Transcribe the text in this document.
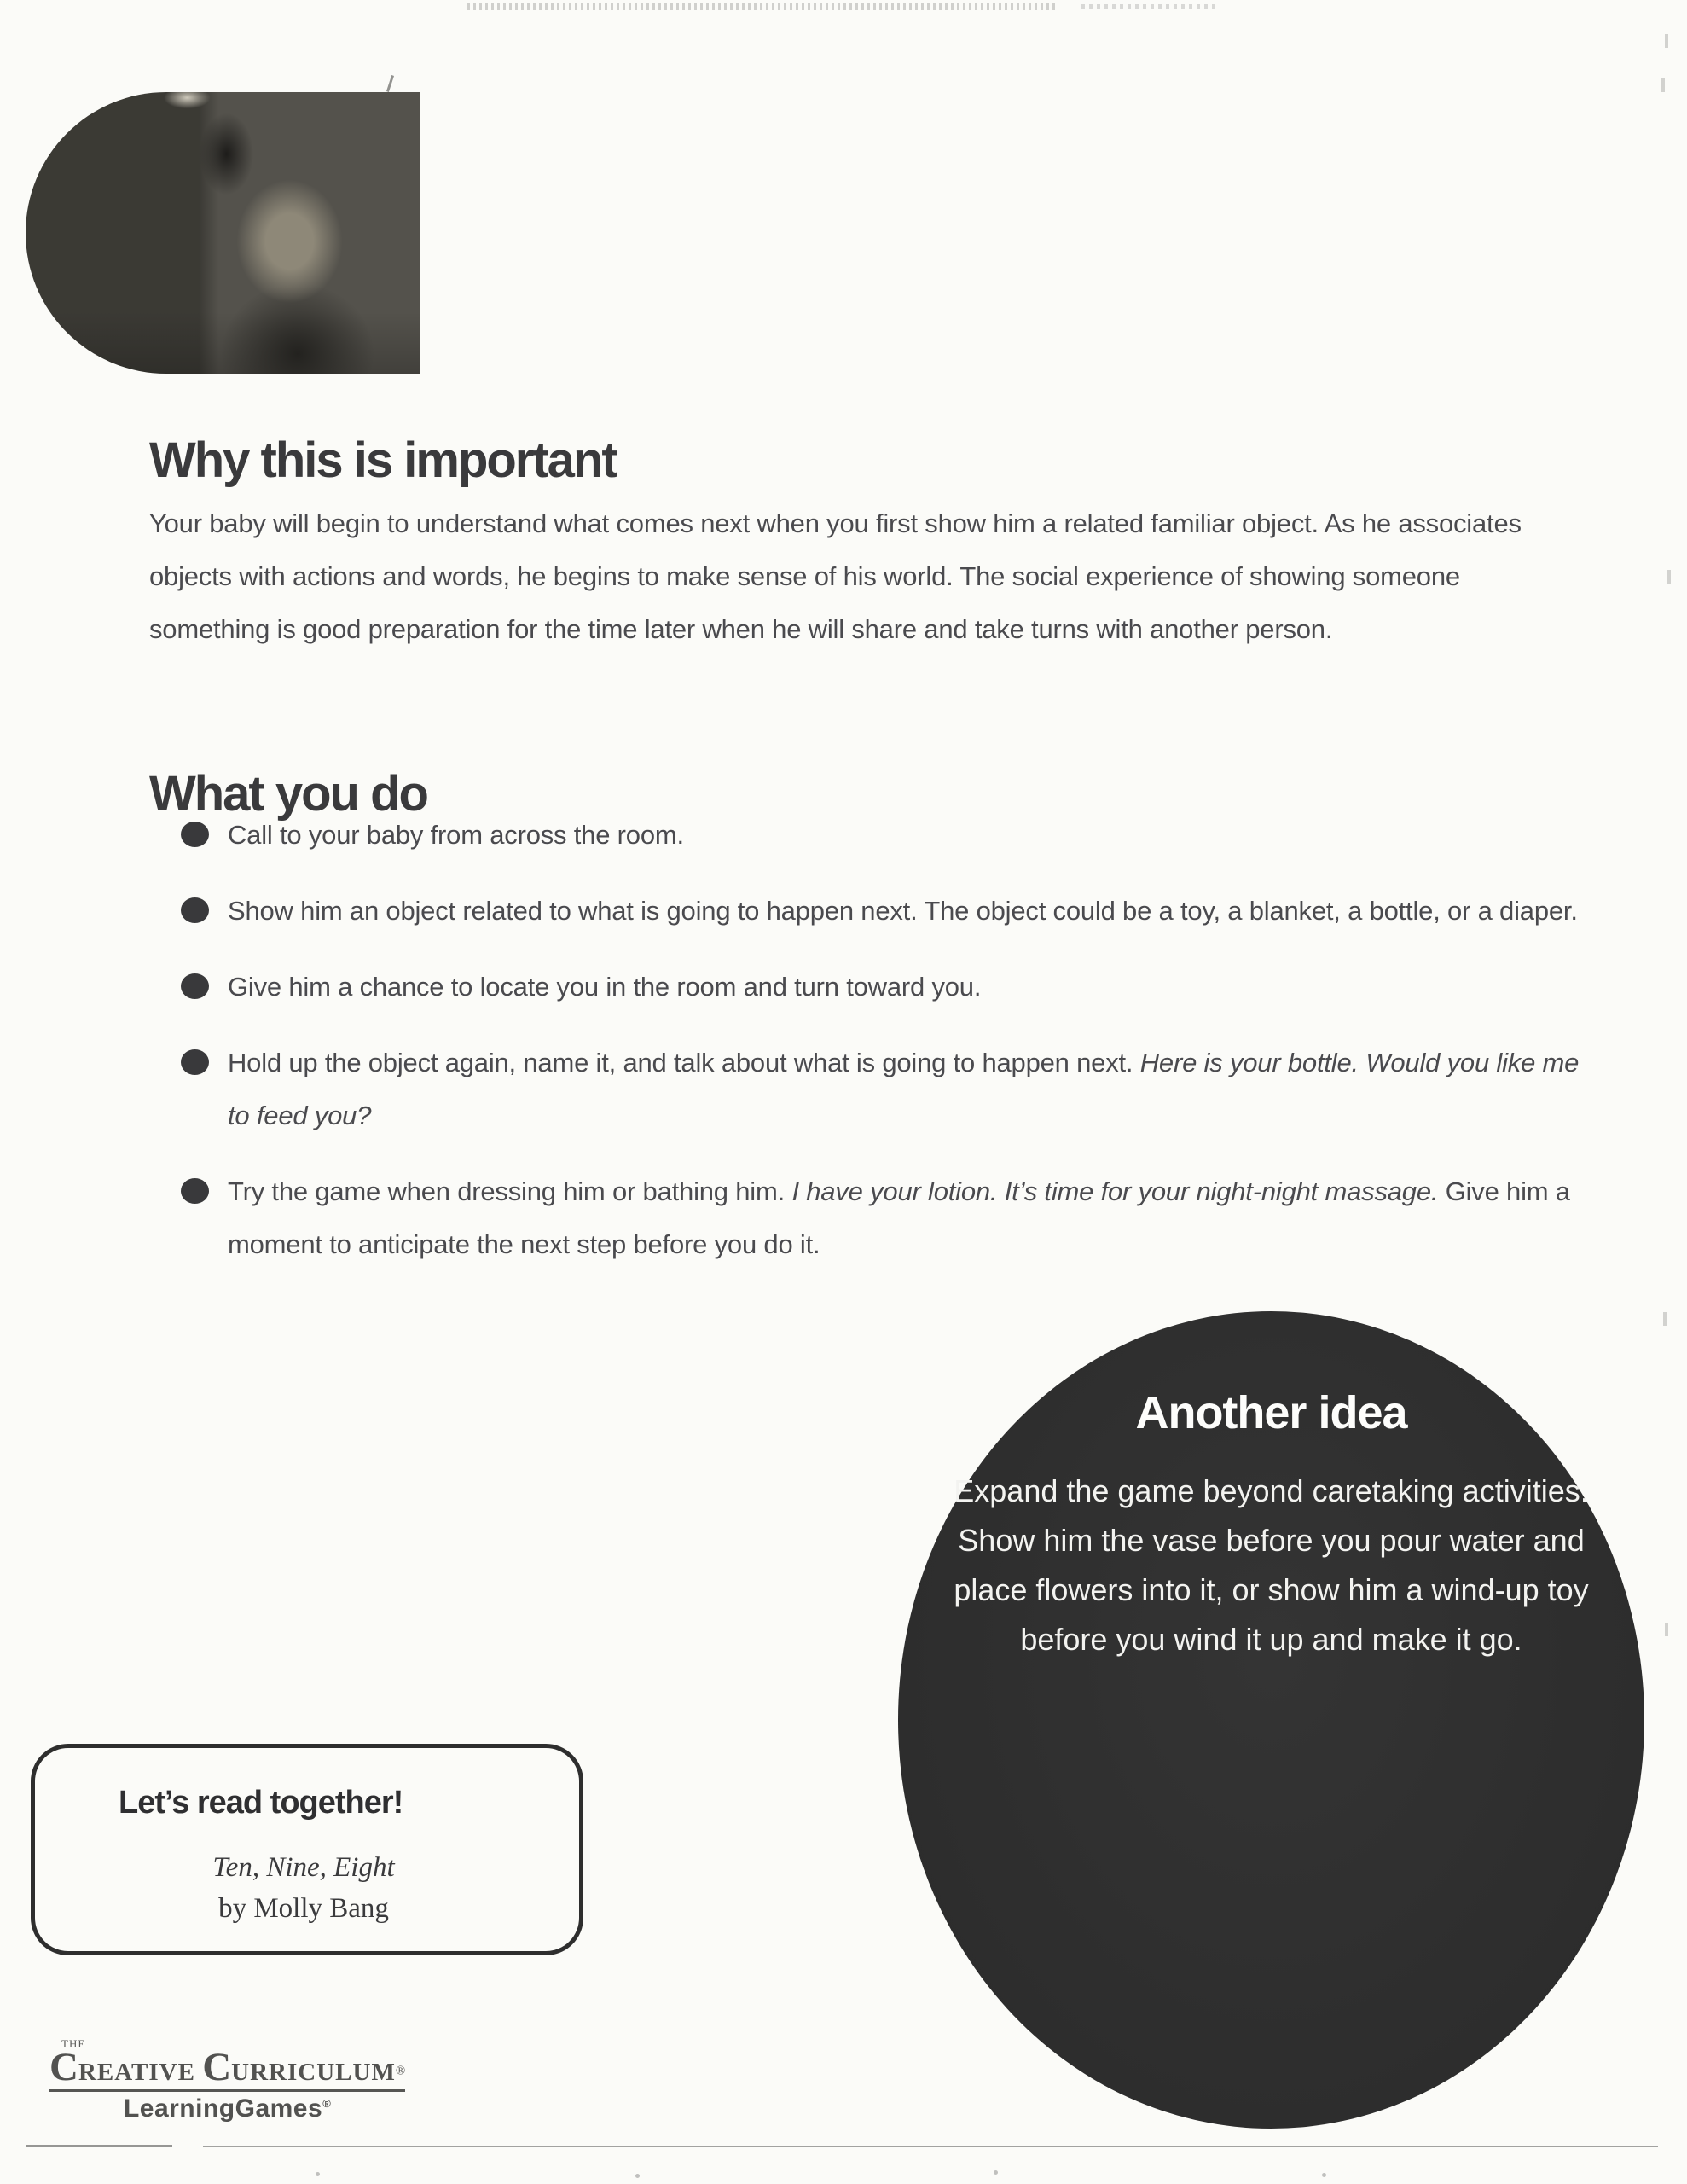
Why this is important

Your baby will begin to understand what comes next when you first show him a related familiar object. As he associates objects with actions and words, he begins to make sense of his world. The social experience of showing someone something is good preparation for the time later when he will share and take turns with another person.

What you do

Call to your baby from across the room.

Show him an object related to what is going to happen next. The object could be a toy, a blanket, a bottle, or a diaper.

Give him a chance to locate you in the room and turn toward you.

Hold up the object again, name it, and talk about what is going to happen next. Here is your bottle. Would you like me to feed you?

Try the game when dressing him or bathing him. I have your lotion. It’s time for your night-night massage. Give him a moment to anticipate the next step before you do it.

Another idea

Expand the game beyond caretaking activities. Show him the vase before you pour water and place flowers into it, or show him a wind-up toy before you wind it up and make it go.

Let’s read together!
Ten, Nine, Eight
by Molly Bang
THE
CREATIVE CURRICULUM®
LearningGames®
